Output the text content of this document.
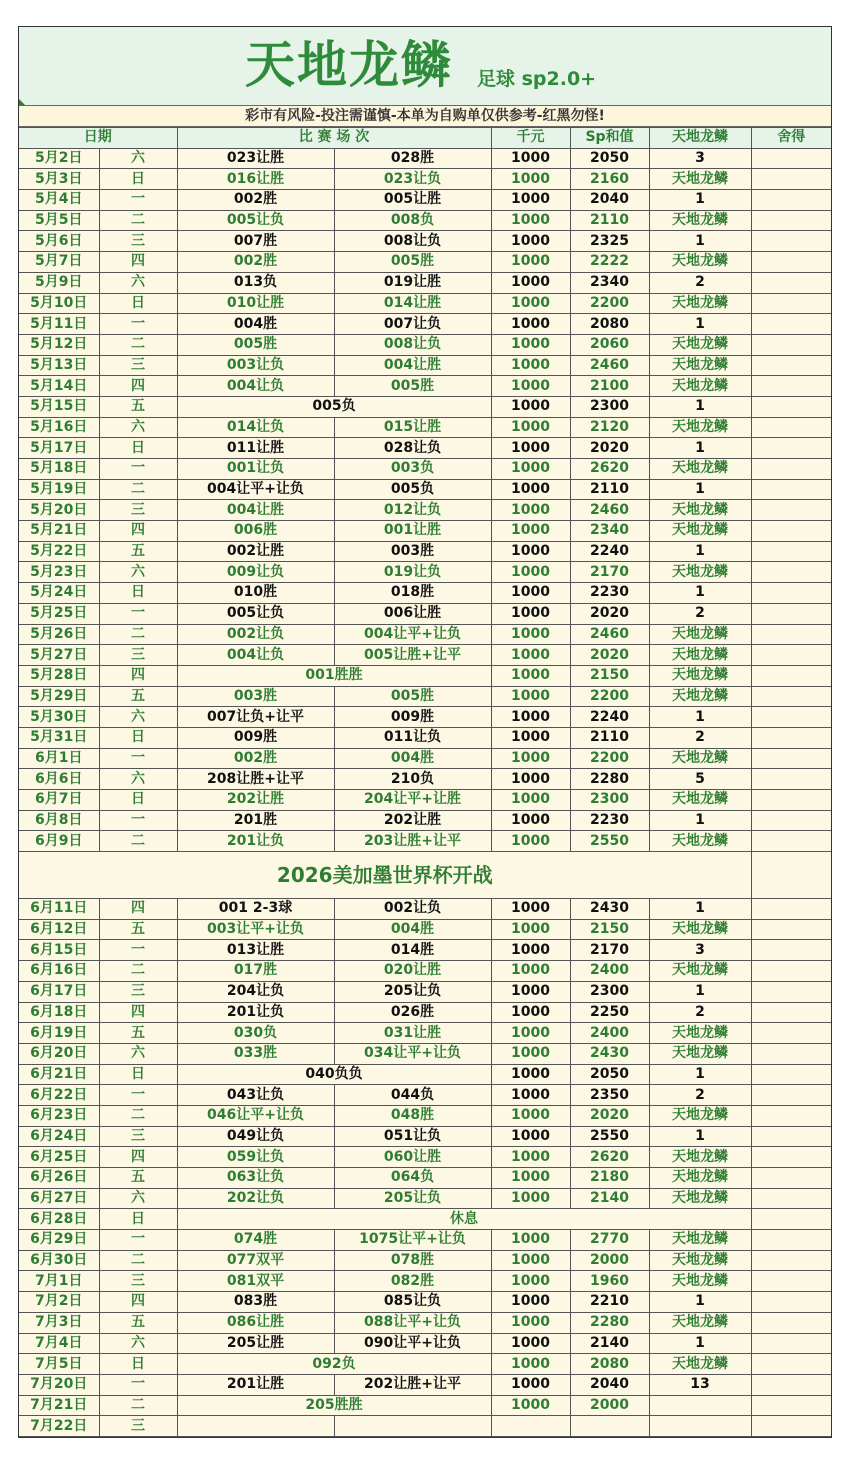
天地龙鳞 足球 sp2.0+
彩市有风险-投注需谨慎-本单为自购单仅供参考-红黑勿怪!
日期		比 赛 场 次		千元	Sp和值	天地龙鳞	舍得
5月2日	六	023让胜	028胜	1000	2050	3	
5月3日	日	016让胜	023让负	1000	2160	天地龙鳞	
5月4日	一	002胜	005让胜	1000	2040	1	
5月5日	二	005让负	008负	1000	2110	天地龙鳞	
5月6日	三	007胜	008让负	1000	2325	1	
5月7日	四	002胜	005胜	1000	2222	天地龙鳞	
5月9日	六	013负	019让胜	1000	2340	2	
5月10日	日	010让胜	014让胜	1000	2200	天地龙鳞	
5月11日	一	004胜	007让负	1000	2080	1	
5月12日	二	005胜	008让负	1000	2060	天地龙鳞	
5月13日	三	003让负	004让胜	1000	2460	天地龙鳞	
5月14日	四	004让负	005胜	1000	2100	天地龙鳞	
5月15日	五	005负		1000	2300	1	
5月16日	六	014让负	015让胜	1000	2120	天地龙鳞	
5月17日	日	011让胜	028让负	1000	2020	1	
5月18日	一	001让负	003负	1000	2620	天地龙鳞	
5月19日	二	004让平+让负	005负	1000	2110	1	
5月20日	三	004让胜	012让负	1000	2460	天地龙鳞	
5月21日	四	006胜	001让胜	1000	2340	天地龙鳞	
5月22日	五	002让胜	003胜	1000	2240	1	
5月23日	六	009让负	019让负	1000	2170	天地龙鳞	
5月24日	日	010胜	018胜	1000	2230	1	
5月25日	一	005让负	006让胜	1000	2020	2	
5月26日	二	002让负	004让平+让负	1000	2460	天地龙鳞	
5月27日	三	004让负	005让胜+让平	1000	2020	天地龙鳞	
5月28日	四	001胜胜		1000	2150	天地龙鳞	
5月29日	五	003胜	005胜	1000	2200	天地龙鳞	
5月30日	六	007让负+让平	009胜	1000	2240	1	
5月31日	日	009胜	011让负	1000	2110	2	
6月1日	一	002胜	004胜	1000	2200	天地龙鳞	
6月6日	六	208让胜+让平	210负	1000	2280	5	
6月7日	日	202让胜	204让平+让胜	1000	2300	天地龙鳞	
6月8日	一	201胜	202让胜	1000	2230	1	
6月9日	二	201让负	203让胜+让平	1000	2550	天地龙鳞	
2026美加墨世界杯开战							
6月11日	四	001 2-3球	002让负	1000	2430	1	
6月12日	五	003让平+让负	004胜	1000	2150	天地龙鳞	
6月15日	一	013让胜	014胜	1000	2170	3	
6月16日	二	017胜	020让胜	1000	2400	天地龙鳞	
6月17日	三	204让负	205让负	1000	2300	1	
6月18日	四	201让负	026胜	1000	2250	2	
6月19日	五	030负	031让胜	1000	2400	天地龙鳞	
6月20日	六	033胜	034让平+让负	1000	2430	天地龙鳞	
6月21日	日	040负负		1000	2050	1	
6月22日	一	043让负	044负	1000	2350	2	
6月23日	二	046让平+让负	048胜	1000	2020	天地龙鳞	
6月24日	三	049让负	051让负	1000	2550	1	
6月25日	四	059让负	060让胜	1000	2620	天地龙鳞	
6月26日	五	063让负	064负	1000	2180	天地龙鳞	
6月27日	六	202让负	205让负	1000	2140	天地龙鳞	
6月28日	日	休息					
6月29日	一	074胜	1075让平+让负	1000	2770	天地龙鳞	
6月30日	二	077双平	078胜	1000	2000	天地龙鳞	
7月1日	三	081双平	082胜	1000	1960	天地龙鳞	
7月2日	四	083胜	085让负	1000	2210	1	
7月3日	五	086让胜	088让平+让负	1000	2280	天地龙鳞	
7月4日	六	205让胜	090让平+让负	1000	2140	1	
7月5日	日	092负		1000	2080	天地龙鳞	
7月20日	一	201让胜	202让胜+让平	1000	2040	13	
7月21日	二	205胜胜		1000	2000		
7月22日	三						
